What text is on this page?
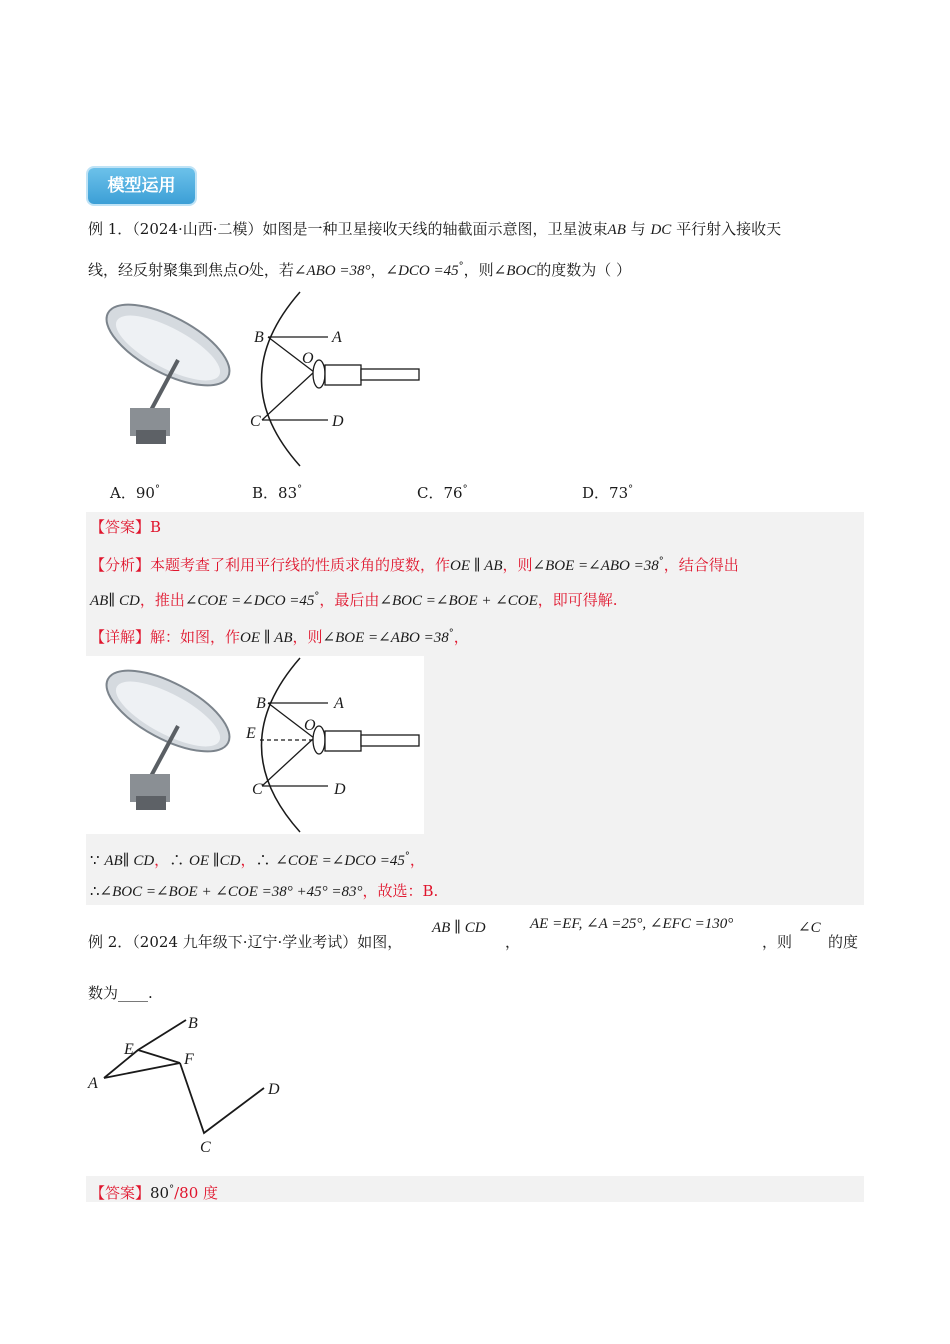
模型运用
例 1．（2024·山西·二模）如图是一种卫星接收天线的轴截面示意图，卫星波束AB 与 DC 平行射入接收天
线，经反射聚集到焦点O处，若∠ABO =38°，∠DCO =45°，则∠BOC的度数为（ ）
B	A
O
C	D
A．90°	B．83°	C．76°	D．73°
【答案】B
【分析】本题考查了利用平行线的性质求角的度数，作OE ∥ AB，则∠BOE =∠ABO =38°，结合得出
AB∥ CD，推出∠COE =∠DCO =45°，最后由∠BOC =∠BOE + ∠COE，即可得解.
【详解】解：如图，作OE ∥ AB，则∠BOE =∠ABO =38°，
B	A
E	O
C	D
∵ AB∥ CD，∴ OE ∥CD，∴ ∠COE =∠DCO =45°，
∴∠BOC =∠BOE + ∠COE =38° +45° =83°，故选：B.
例 2．（2024 九年级下·辽宁·学业考试）如图，
AB ∥ CD
，
AE =EF, ∠A =25°, ∠EFC =130°
，则
∠C
的度
数为____.
A
B
E
F
C
D
【答案】80°/80 度
